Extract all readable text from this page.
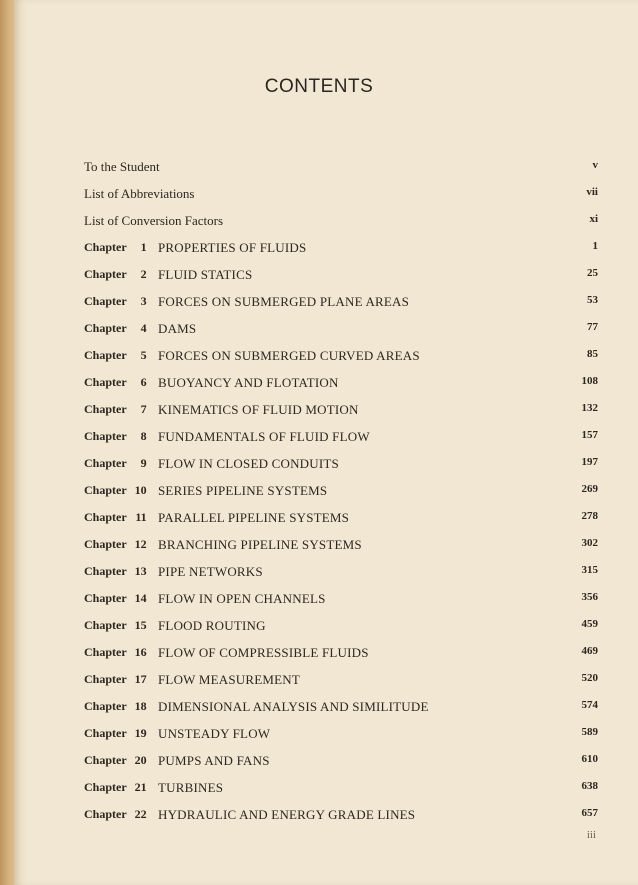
CONTENTS
To the Student	v
List of Abbreviations	vii
List of Conversion Factors	xi
Chapter 1 PROPERTIES OF FLUIDS	1
Chapter 2 FLUID STATICS	25
Chapter 3 FORCES ON SUBMERGED PLANE AREAS	53
Chapter 4 DAMS	77
Chapter 5 FORCES ON SUBMERGED CURVED AREAS	85
Chapter 6 BUOYANCY AND FLOTATION	108
Chapter 7 KINEMATICS OF FLUID MOTION	132
Chapter 8 FUNDAMENTALS OF FLUID FLOW	157
Chapter 9 FLOW IN CLOSED CONDUITS	197
Chapter 10 SERIES PIPELINE SYSTEMS	269
Chapter 11 PARALLEL PIPELINE SYSTEMS	278
Chapter 12 BRANCHING PIPELINE SYSTEMS	302
Chapter 13 PIPE NETWORKS	315
Chapter 14 FLOW IN OPEN CHANNELS	356
Chapter 15 FLOOD ROUTING	459
Chapter 16 FLOW OF COMPRESSIBLE FLUIDS	469
Chapter 17 FLOW MEASUREMENT	520
Chapter 18 DIMENSIONAL ANALYSIS AND SIMILITUDE	574
Chapter 19 UNSTEADY FLOW	589
Chapter 20 PUMPS AND FANS	610
Chapter 21 TURBINES	638
Chapter 22 HYDRAULIC AND ENERGY GRADE LINES	657
iii
